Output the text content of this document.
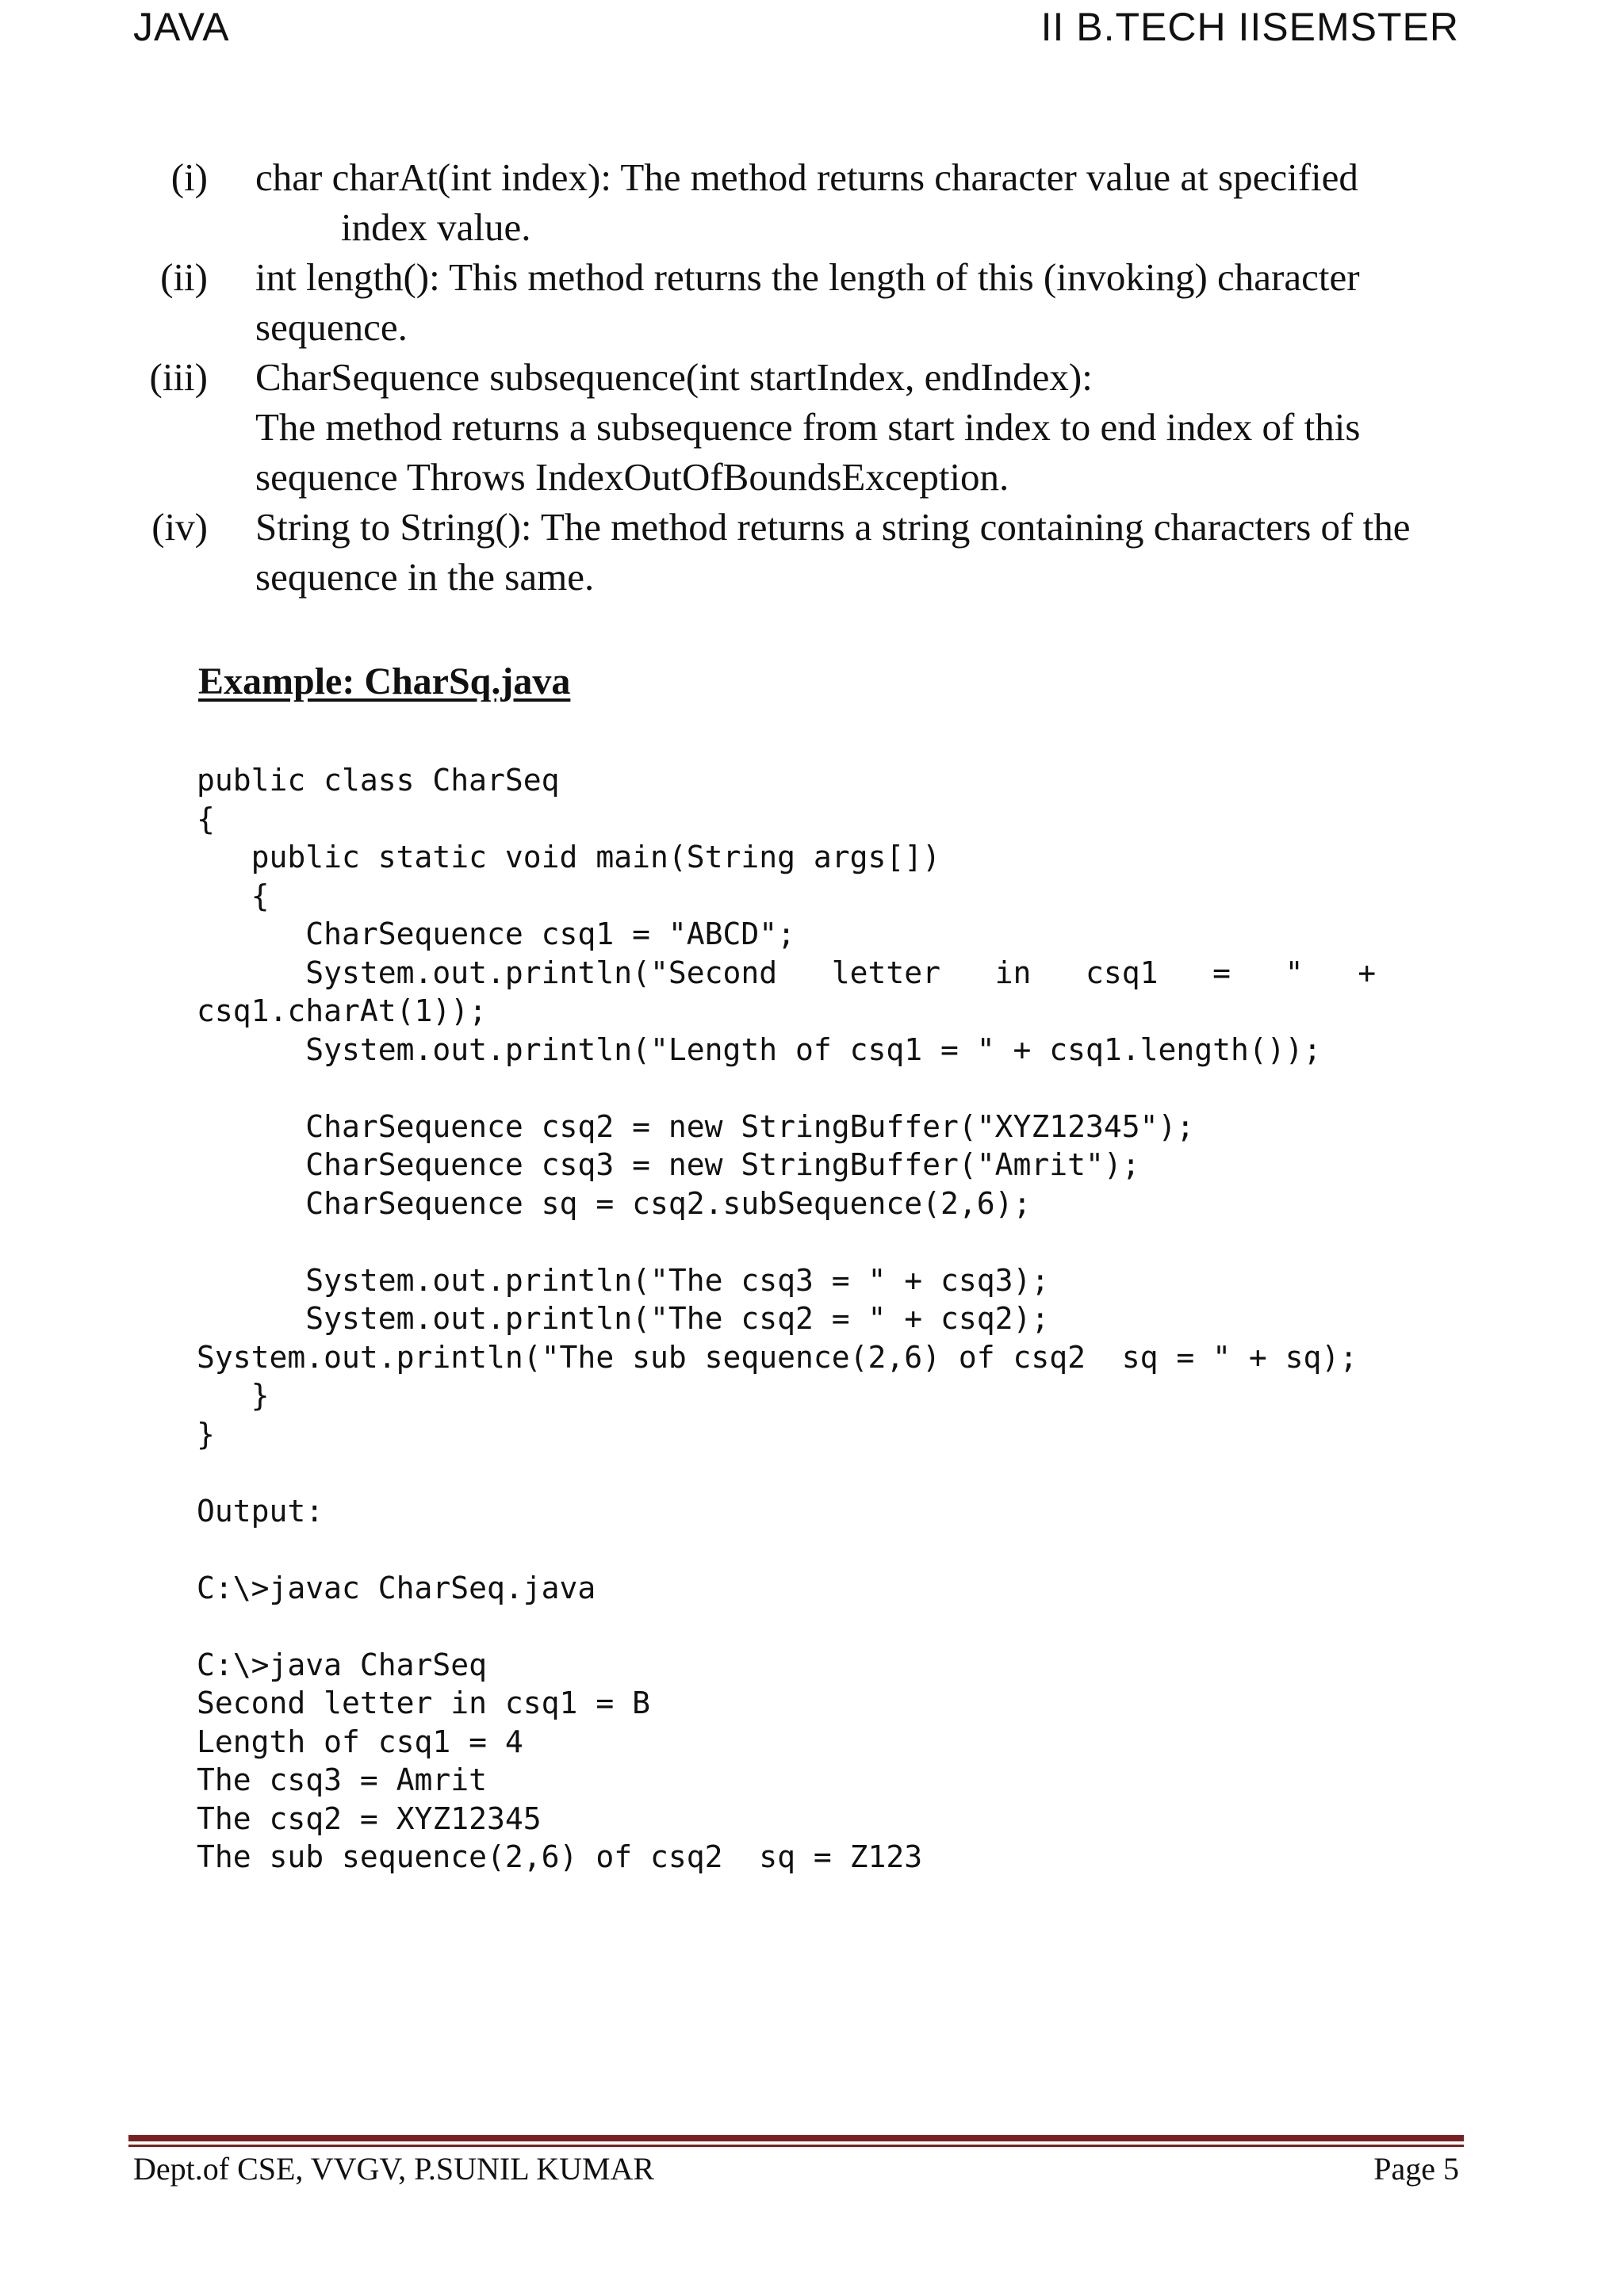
JAVA	II B.TECH IISEMSTER
(i) char charAt(int index): The method returns character value at specified
index value.
(ii) int length(): This method returns the length of this (invoking) character
sequence.
(iii) CharSequence subsequence(int startIndex, endIndex):
The method returns a subsequence from start index to end index of this
sequence Throws IndexOutOfBoundsException.
(iv) String to String(): The method returns a string containing characters of the
sequence in the same.
Example: CharSq.java
public class CharSeq
{
public static void main(String args[])
{
CharSequence csq1 = "ABCD";
System.out.println("Second   letter   in   csq1   =   "   +
csq1.charAt(1));
System.out.println("Length of csq1 = " + csq1.length());
CharSequence csq2 = new StringBuffer("XYZ12345");
CharSequence csq3 = new StringBuffer("Amrit");
CharSequence sq = csq2.subSequence(2,6);
System.out.println("The csq3 = " + csq3);
System.out.println("The csq2 = " + csq2);
System.out.println("The sub sequence(2,6) of csq2  sq = " + sq);
}
}
Output:
C:\>javac CharSeq.java
C:\>java CharSeq
Second letter in csq1 = B
Length of csq1 = 4
The csq3 = Amrit
The csq2 = XYZ12345
The sub sequence(2,6) of csq2  sq = Z123
Dept.of CSE, VVGV, P.SUNIL KUMAR	Page 5
